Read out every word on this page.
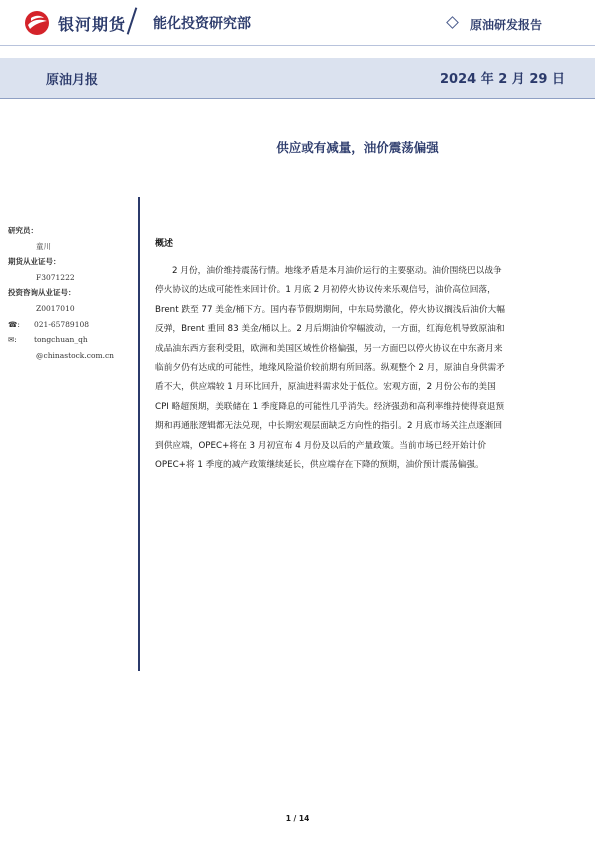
银河期货 能化投资研究部	原油研发报告
原油月报	2024 年 2 月 29 日
供应或有减量，油价震荡偏强
研究员：
童川
期货从业证号：
F3071222
投资咨询从业证号：
Z0017010
☎: 021-65789108
✉: tongchuan_qh
@chinastock.com.cn
概述
2 月份，油价维持震荡行情。地缘矛盾是本月油价运行的主要驱动。油价围绕巴以战争
停火协议的达成可能性来回计价。1 月底 2 月初停火协议传来乐观信号，油价高位回落，
Brent 跌至 77 美金/桶下方。国内春节假期期间，中东局势激化，停火协议搁浅后油价大幅
反弹，Brent 重回 83 美金/桶以上。2 月后期油价窄幅波动，一方面，红海危机导致原油和
成品油东西方套利受阻，欧洲和美国区域性价格偏强，另一方面巴以停火协议在中东斋月来
临前夕仍有达成的可能性，地缘风险溢价较前期有所回落。纵观整个 2 月，原油自身供需矛
盾不大，供应端较 1 月环比回升，原油进料需求处于低位。宏观方面，2 月份公布的美国
CPI 略超预期，美联储在 1 季度降息的可能性几乎消失。经济强劲和高利率维持使得衰退预
期和再通胀逻辑都无法兑现，中长期宏观层面缺乏方向性的指引。2 月底市场关注点逐渐回
到供应端，OPEC+将在 3 月初宣布 4 月份及以后的产量政策。当前市场已经开始计价
OPEC+将 1 季度的减产政策继续延长，供应端存在下降的预期，油价预计震荡偏强。
1 / 14
